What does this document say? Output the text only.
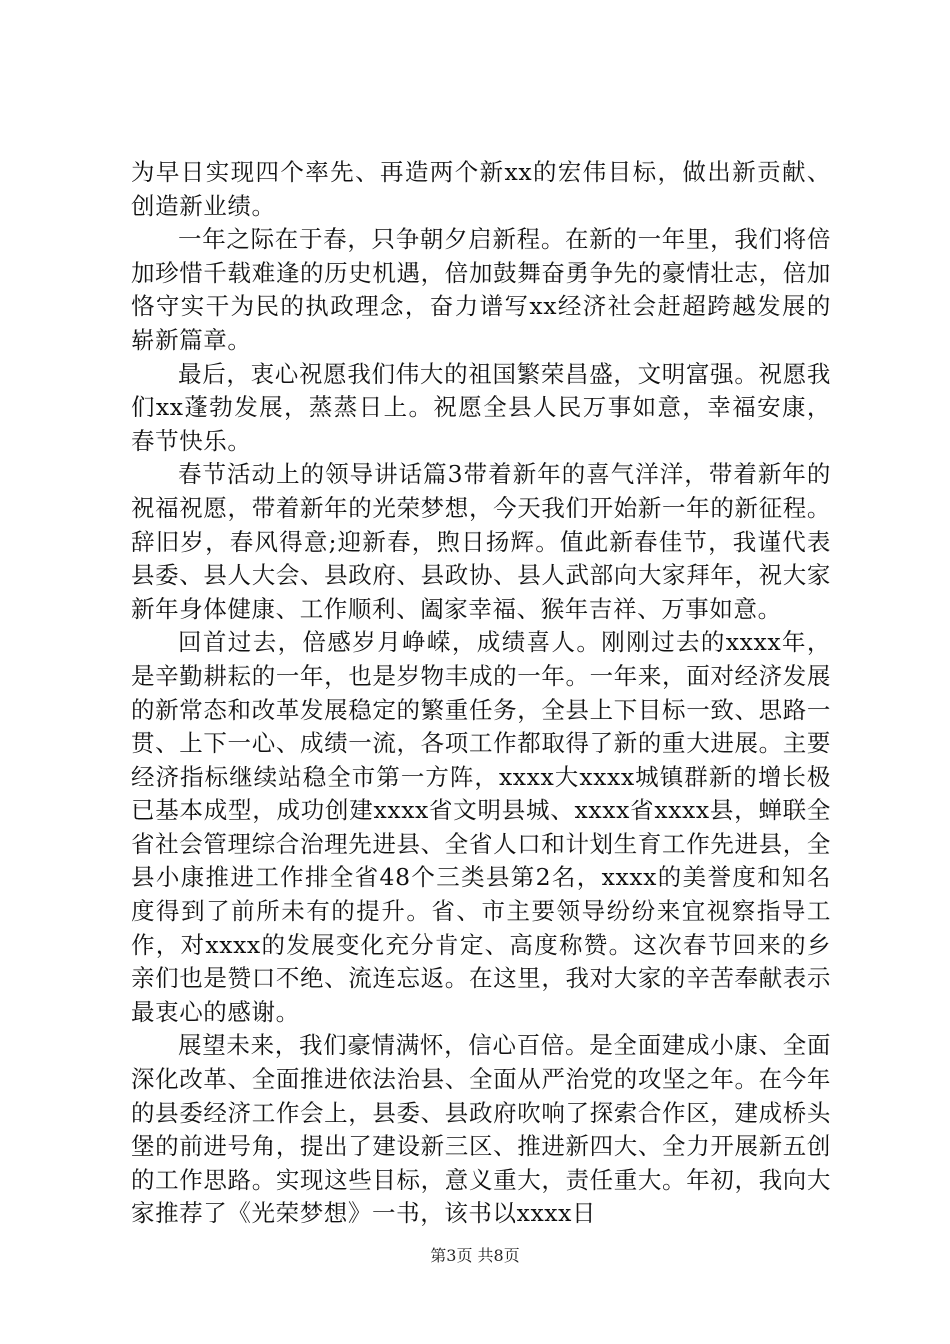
为早日实现四个率先、再造两个新xx的宏伟目标，做出新贡献、创造新业绩。

一年之际在于春，只争朝夕启新程。在新的一年里，我们将倍加珍惜千载难逢的历史机遇，倍加鼓舞奋勇争先的豪情壮志，倍加恪守实干为民的执政理念，奋力谱写xx经济社会赶超跨越发展的崭新篇章。

最后，衷心祝愿我们伟大的祖国繁荣昌盛，文明富强。祝愿我们xx蓬勃发展，蒸蒸日上。祝愿全县人民万事如意，幸福安康，春节快乐。

春节活动上的领导讲话篇3带着新年的喜气洋洋，带着新年的祝福祝愿，带着新年的光荣梦想，今天我们开始新一年的新征程。辞旧岁，春风得意;迎新春，煦日扬辉。值此新春佳节，我谨代表县委、县人大会、县政府、县政协、县人武部向大家拜年，祝大家新年身体健康、工作顺利、阖家幸福、猴年吉祥、万事如意。

回首过去，倍感岁月峥嵘，成绩喜人。刚刚过去的xxxx年，是辛勤耕耘的一年，也是岁物丰成的一年。一年来，面对经济发展的新常态和改革发展稳定的繁重任务，全县上下目标一致、思路一贯、上下一心、成绩一流，各项工作都取得了新的重大进展。主要经济指标继续站稳全市第一方阵，xxxx大xxxx城镇群新的增长极已基本成型，成功创建xxxx省文明县城、xxxx省xxxx县，蝉联全省社会管理综合治理先进县、全省人口和计划生育工作先进县，全县小康推进工作排全省48个三类县第2名，xxxx的美誉度和知名度得到了前所未有的提升。省、市主要领导纷纷来宜视察指导工作，对xxxx的发展变化充分肯定、高度称赞。这次春节回来的乡亲们也是赞口不绝、流连忘返。在这里，我对大家的辛苦奉献表示最衷心的感谢。

展望未来，我们豪情满怀，信心百倍。是全面建成小康、全面深化改革、全面推进依法治县、全面从严治党的攻坚之年。在今年的县委经济工作会上，县委、县政府吹响了探索合作区，建成桥头堡的前进号角，提出了建设新三区、推进新四大、全力开展新五创的工作思路。实现这些目标，意义重大，责任重大。年初，我向大家推荐了《光荣梦想》一书，该书以xxxx日

第3页 共8页
